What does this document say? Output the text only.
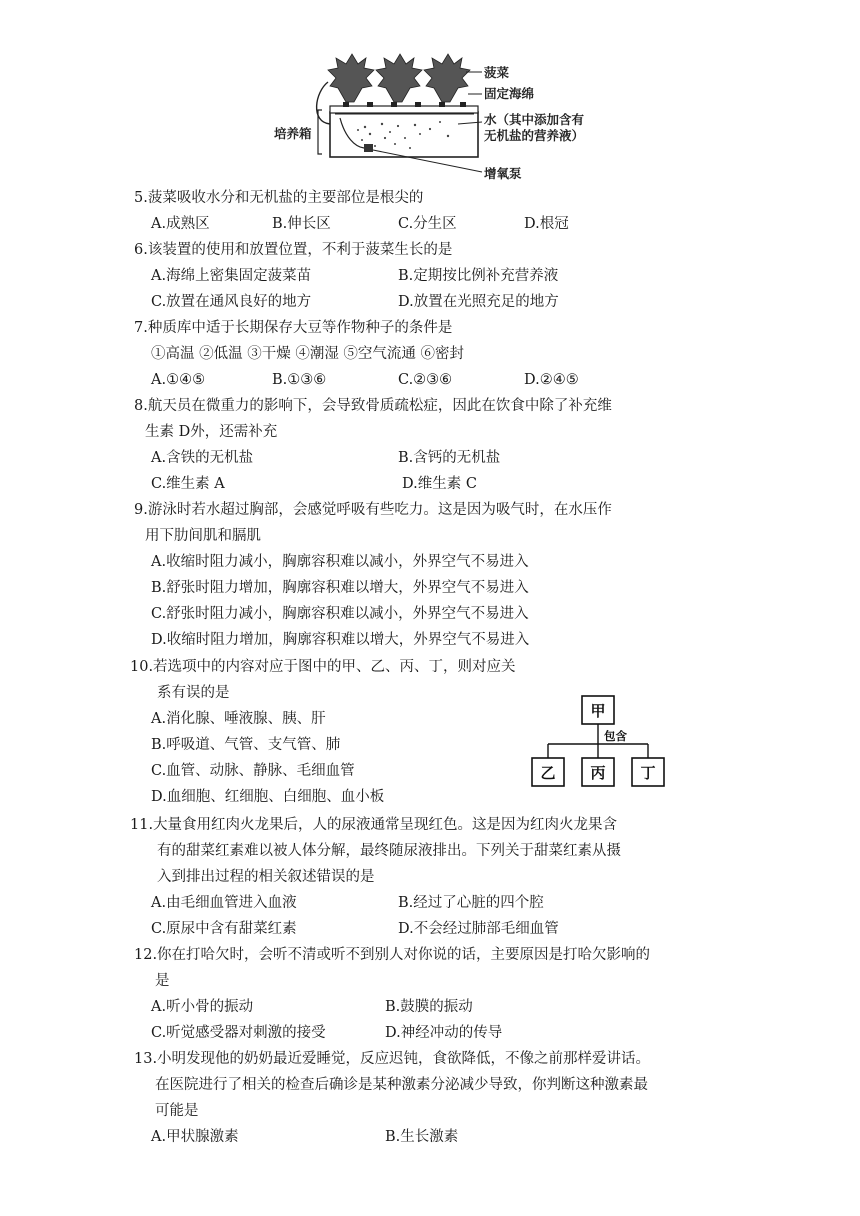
菠菜
固定海绵
水（其中添加含有
无机盐的营养液）
培养箱
增氧泵
5.菠菜吸收水分和无机盐的主要部位是根尖的
A.成熟区	B.伸长区	C.分生区	D.根冠
6.该装置的使用和放置位置，不利于菠菜生长的是
A.海绵上密集固定菠菜苗	B.定期按比例补充营养液
C.放置在通风良好的地方	D.放置在光照充足的地方
7.种质库中适于长期保存大豆等作物种子的条件是
①高温 ②低温 ③干燥 ④潮湿 ⑤空气流通 ⑥密封
A.①④⑤	B.①③⑥	C.②③⑥	D.②④⑤
8.航天员在微重力的影响下，会导致骨质疏松症，因此在饮食中除了补充维
生素 D外，还需补充
A.含铁的无机盐	B.含钙的无机盐
C.维生素 A	D.维生素 C
9.游泳时若水超过胸部，会感觉呼吸有些吃力。这是因为吸气时，在水压作
用下肋间肌和膈肌
A.收缩时阻力减小，胸廓容积难以减小，外界空气不易进入
B.舒张时阻力增加，胸廓容积难以增大，外界空气不易进入
C.舒张时阻力减小，胸廓容积难以减小，外界空气不易进入
D.收缩时阻力增加，胸廓容积难以增大，外界空气不易进入
10.若选项中的内容对应于图中的甲、乙、丙、丁，则对应关
系有误的是
A.消化腺、唾液腺、胰、肝
B.呼吸道、气管、支气管、肺
C.血管、动脉、静脉、毛细血管
D.血细胞、红细胞、白细胞、血小板
甲
包含
乙 丙 丁
11.大量食用红肉火龙果后，人的尿液通常呈现红色。这是因为红肉火龙果含
有的甜菜红素难以被人体分解，最终随尿液排出。下列关于甜菜红素从摄
入到排出过程的相关叙述错误的是
A.由毛细血管进入血液	B.经过了心脏的四个腔
C.原尿中含有甜菜红素	D.不会经过肺部毛细血管
12.你在打哈欠时，会听不清或听不到别人对你说的话，主要原因是打哈欠影响的
是
A.听小骨的振动	B.鼓膜的振动
C.听觉感受器对刺激的接受	D.神经冲动的传导
13.小明发现他的奶奶最近爱睡觉，反应迟钝，食欲降低，不像之前那样爱讲话。
在医院进行了相关的检查后确诊是某种激素分泌减少导致，你判断这种激素最
可能是
A.甲状腺激素	B.生长激素
